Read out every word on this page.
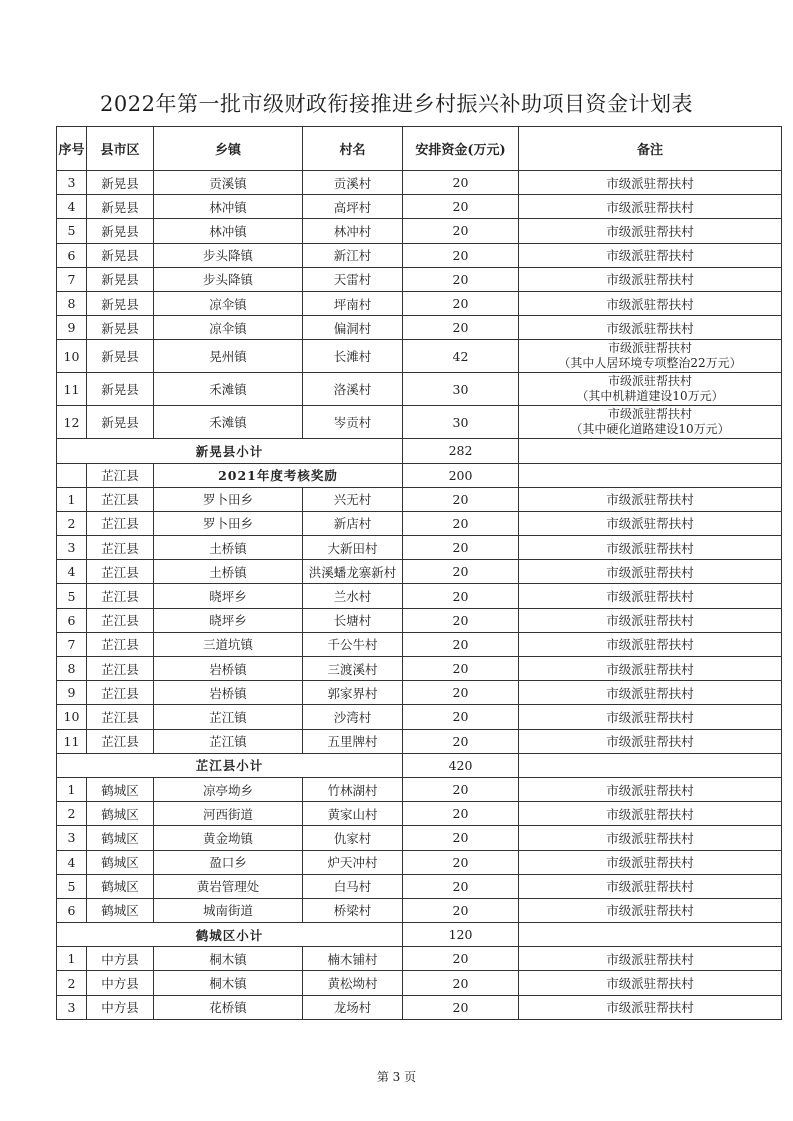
2022年第一批市级财政衔接推进乡村振兴补助项目资金计划表
序号	县市区	乡镇	村名	安排资金(万元)	备注
3	新晃县	贡溪镇	贡溪村	20	市级派驻帮扶村
4	新晃县	林冲镇	高坪村	20	市级派驻帮扶村
5	新晃县	林冲镇	林冲村	20	市级派驻帮扶村
6	新晃县	步头降镇	新江村	20	市级派驻帮扶村
7	新晃县	步头降镇	天雷村	20	市级派驻帮扶村
8	新晃县	凉伞镇	坪南村	20	市级派驻帮扶村
9	新晃县	凉伞镇	偏洞村	20	市级派驻帮扶村
10	新晃县	晃州镇	长滩村	42	市级派驻帮扶村
（其中人居环境专项整治22万元）

11	新晃县	禾滩镇	洛溪村	30	市级派驻帮扶村
（其中机耕道建设10万元）

12	新晃县	禾滩镇	岑贡村	30	市级派驻帮扶村
（其中硬化道路建设10万元）

新晃县小计				282	
	芷江县	2021年度考核奖励		200	
1	芷江县	罗卜田乡	兴无村	20	市级派驻帮扶村
2	芷江县	罗卜田乡	新店村	20	市级派驻帮扶村
3	芷江县	土桥镇	大新田村	20	市级派驻帮扶村
4	芷江县	土桥镇	洪溪蟠龙寨新村	20	市级派驻帮扶村
5	芷江县	晓坪乡	兰水村	20	市级派驻帮扶村
6	芷江县	晓坪乡	长塘村	20	市级派驻帮扶村
7	芷江县	三道坑镇	千公牛村	20	市级派驻帮扶村
8	芷江县	岩桥镇	三渡溪村	20	市级派驻帮扶村
9	芷江县	岩桥镇	郭家界村	20	市级派驻帮扶村
10	芷江县	芷江镇	沙湾村	20	市级派驻帮扶村
11	芷江县	芷江镇	五里牌村	20	市级派驻帮扶村
芷江县小计				420	
1	鹤城区	凉亭坳乡	竹林湖村	20	市级派驻帮扶村
2	鹤城区	河西街道	黄家山村	20	市级派驻帮扶村
3	鹤城区	黄金坳镇	仇家村	20	市级派驻帮扶村
4	鹤城区	盈口乡	炉天冲村	20	市级派驻帮扶村
5	鹤城区	黄岩管理处	白马村	20	市级派驻帮扶村
6	鹤城区	城南街道	桥梁村	20	市级派驻帮扶村
鹤城区小计				120	
1	中方县	桐木镇	楠木铺村	20	市级派驻帮扶村
2	中方县	桐木镇	黄松坳村	20	市级派驻帮扶村
3	中方县	花桥镇	龙场村	20	市级派驻帮扶村
第 3 页
